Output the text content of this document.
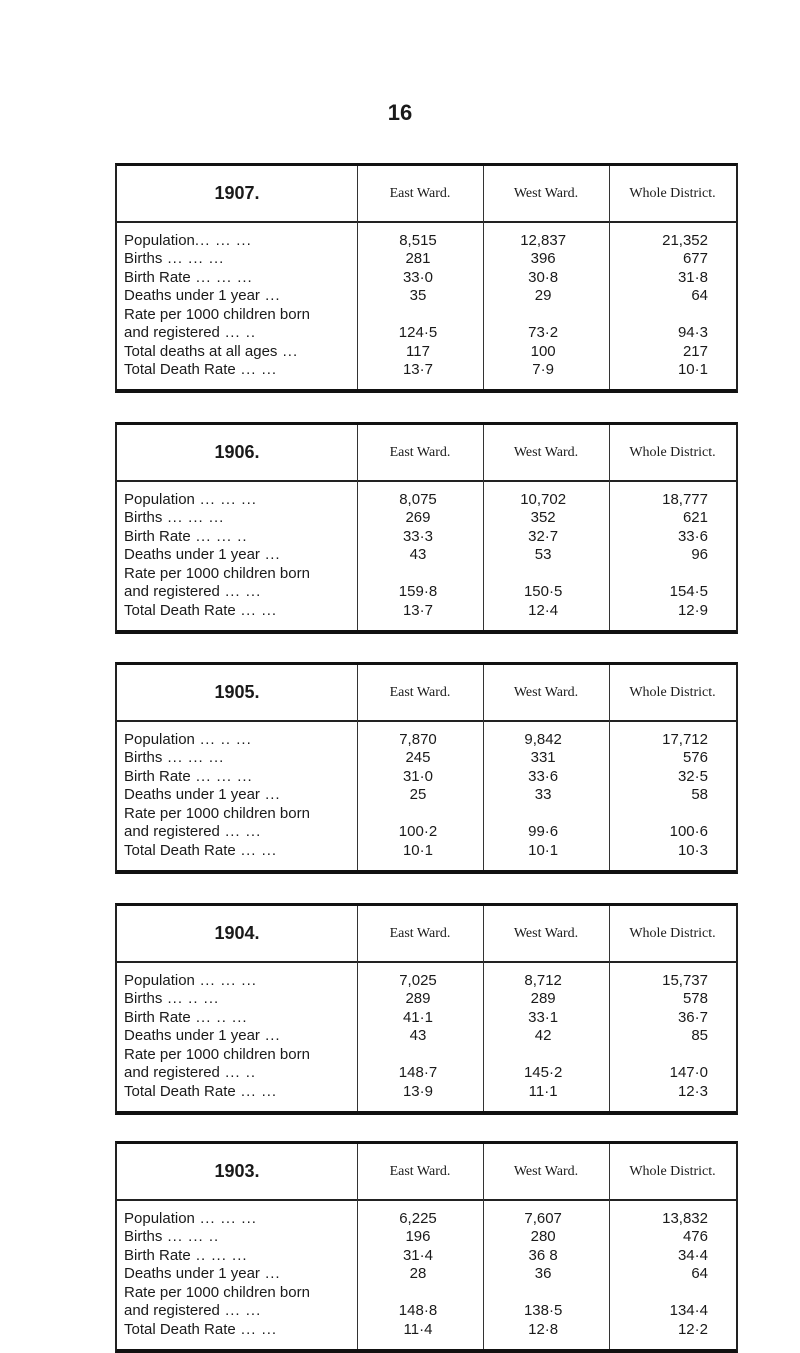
16
1907.	East Ward.	West Ward.	Whole District.
Population... ... ...	8,515	12,837	21,352
Births ... ... ...	281	396	677
Birth Rate ... ... ...	33·0	30·8	31·8
Deaths under 1 year ...	35	29	64
Rate per 1000 children born
and registered ... ..	124·5	73·2	94·3
Total deaths at all ages ...	117	100	217
Total Death Rate ... ...	13·7	7·9	10·1
1906.	East Ward.	West Ward.	Whole District.
Population ... ... ...	8,075	10,702	18,777
Births ... ... ...	269	352	621
Birth Rate ... ... ..	33·3	32·7	33·6
Deaths under 1 year ...	43	53	96
Rate per 1000 children born
and registered ... ...	159·8	150·5	154·5
Total Death Rate ... ...	13·7	12·4	12·9
1905.	East Ward.	West Ward.	Whole District.
Population ... .. ...	7,870	9,842	17,712
Births ... ... ...	245	331	576
Birth Rate ... ... ...	31·0	33·6	32·5
Deaths under 1 year ...	25	33	58
Rate per 1000 children born
and registered ... ...	100·2	99·6	100·6
Total Death Rate ... ...	10·1	10·1	10·3
1904.	East Ward.	West Ward.	Whole District.
Population ... ... ...	7,025	8,712	15,737
Births ... .. ...	289	289	578
Birth Rate ... .. ...	41·1	33·1	36·7
Deaths under 1 year ...	43	42	85
Rate per 1000 children born
and registered ... ..	148·7	145·2	147·0
Total Death Rate ... ...	13·9	11·1	12·3
1903.	East Ward.	West Ward.	Whole District.
Population ... ... ...	6,225	7,607	13,832
Births ... ... ..	196	280	476
Birth Rate .. ... ...	31·4	36 8	34·4
Deaths under 1 year ...	28	36	64
Rate per 1000 children born
and registered ... ...	148·8	138·5	134·4
Total Death Rate ... ...	11·4	12·8	12·2
